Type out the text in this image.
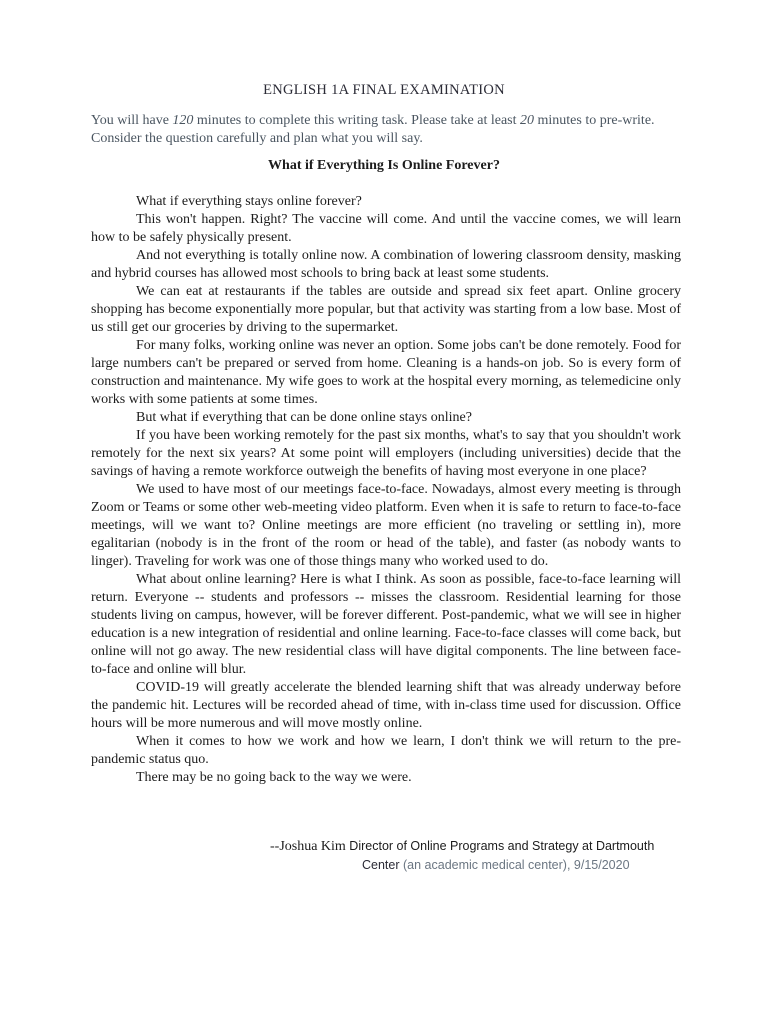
ENGLISH 1A FINAL EXAMINATION

You will have 120 minutes to complete this writing task. Please take at least 20 minutes to pre-write. Consider the question carefully and plan what you will say.

What if Everything Is Online Forever?

What if everything stays online forever?

This won't happen. Right? The vaccine will come. And until the vaccine comes, we will learn how to be safely physically present.

And not everything is totally online now. A combination of lowering classroom density, masking and hybrid courses has allowed most schools to bring back at least some students.

We can eat at restaurants if the tables are outside and spread six feet apart. Online grocery shopping has become exponentially more popular, but that activity was starting from a low base. Most of us still get our groceries by driving to the supermarket.

For many folks, working online was never an option. Some jobs can't be done remotely. Food for large numbers can't be prepared or served from home. Cleaning is a hands-on job. So is every form of construction and maintenance. My wife goes to work at the hospital every morning, as telemedicine only works with some patients at some times.

But what if everything that can be done online stays online?

If you have been working remotely for the past six months, what's to say that you shouldn't work remotely for the next six years? At some point will employers (including universities) decide that the savings of having a remote workforce outweigh the benefits of having most everyone in one place?

We used to have most of our meetings face-to-face. Nowadays, almost every meeting is through Zoom or Teams or some other web-meeting video platform. Even when it is safe to return to face-to-face meetings, will we want to? Online meetings are more efficient (no traveling or settling in), more egalitarian (nobody is in the front of the room or head of the table), and faster (as nobody wants to linger). Traveling for work was one of those things many who worked used to do.

What about online learning? Here is what I think. As soon as possible, face-to-face learning will return. Everyone -- students and professors -- misses the classroom. Residential learning for those students living on campus, however, will be forever different. Post-pandemic, what we will see in higher education is a new integration of residential and online learning. Face-to-face classes will come back, but online will not go away. The new residential class will have digital components. The line between face-to-face and online will blur.

COVID-19 will greatly accelerate the blended learning shift that was already underway before the pandemic hit. Lectures will be recorded ahead of time, with in-class time used for discussion. Office hours will be more numerous and will move mostly online.

When it comes to how we work and how we learn, I don't think we will return to the pre-pandemic status quo.

There may be no going back to the way we were.

--Joshua Kim Director of Online Programs and Strategy at Dartmouth
Center (an academic medical center), 9/15/2020
